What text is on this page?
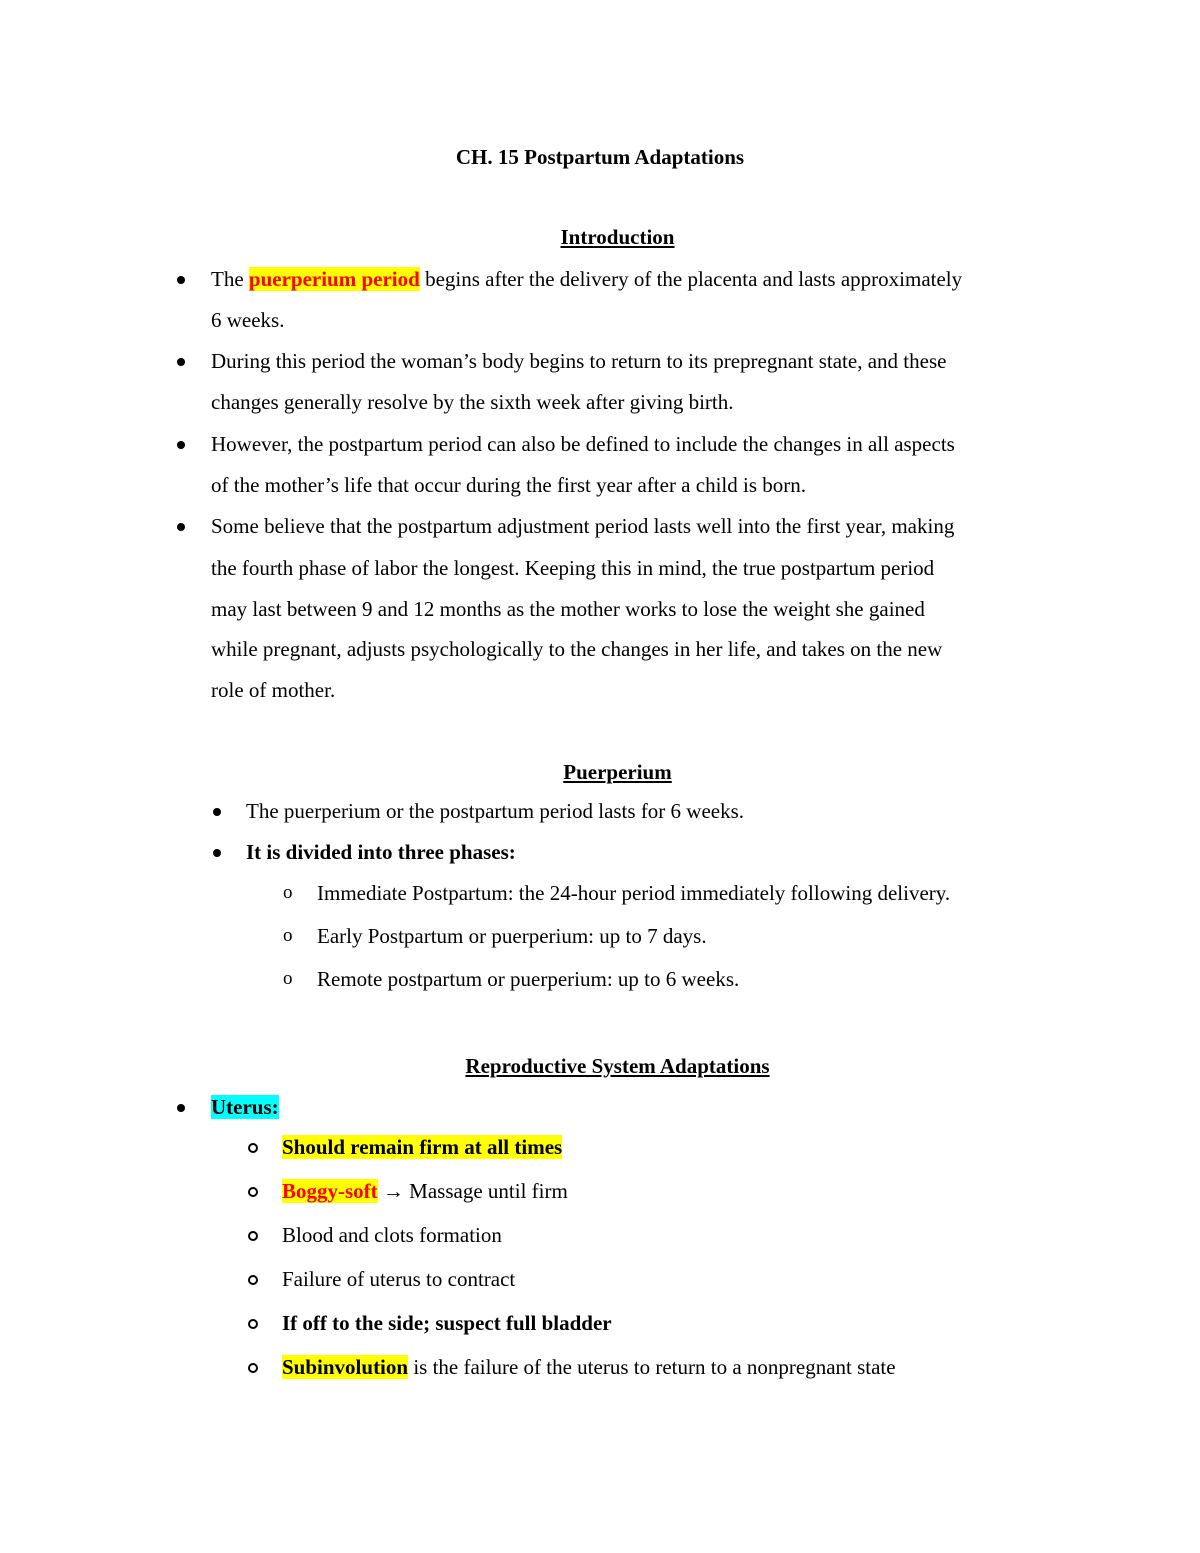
CH. 15 Postpartum Adaptations
Introduction
The puerperium period begins after the delivery of the placenta and lasts approximately
6 weeks.
During this period the woman’s body begins to return to its prepregnant state, and these
changes generally resolve by the sixth week after giving birth.
However, the postpartum period can also be defined to include the changes in all aspects
of the mother’s life that occur during the first year after a child is born.
Some believe that the postpartum adjustment period lasts well into the first year, making
the fourth phase of labor the longest. Keeping this in mind, the true postpartum period
may last between 9 and 12 months as the mother works to lose the weight she gained
while pregnant, adjusts psychologically to the changes in her life, and takes on the new
role of mother.
Puerperium
The puerperium or the postpartum period lasts for 6 weeks.
It is divided into three phases:
o Immediate Postpartum: the 24-hour period immediately following delivery.
o Early Postpartum or puerperium: up to 7 days.
o Remote postpartum or puerperium: up to 6 weeks.
Reproductive System Adaptations
Uterus:
Should remain firm at all times
Boggy-soft → Massage until firm
Blood and clots formation
Failure of uterus to contract
If off to the side; suspect full bladder
Subinvolution is the failure of the uterus to return to a nonpregnant state
